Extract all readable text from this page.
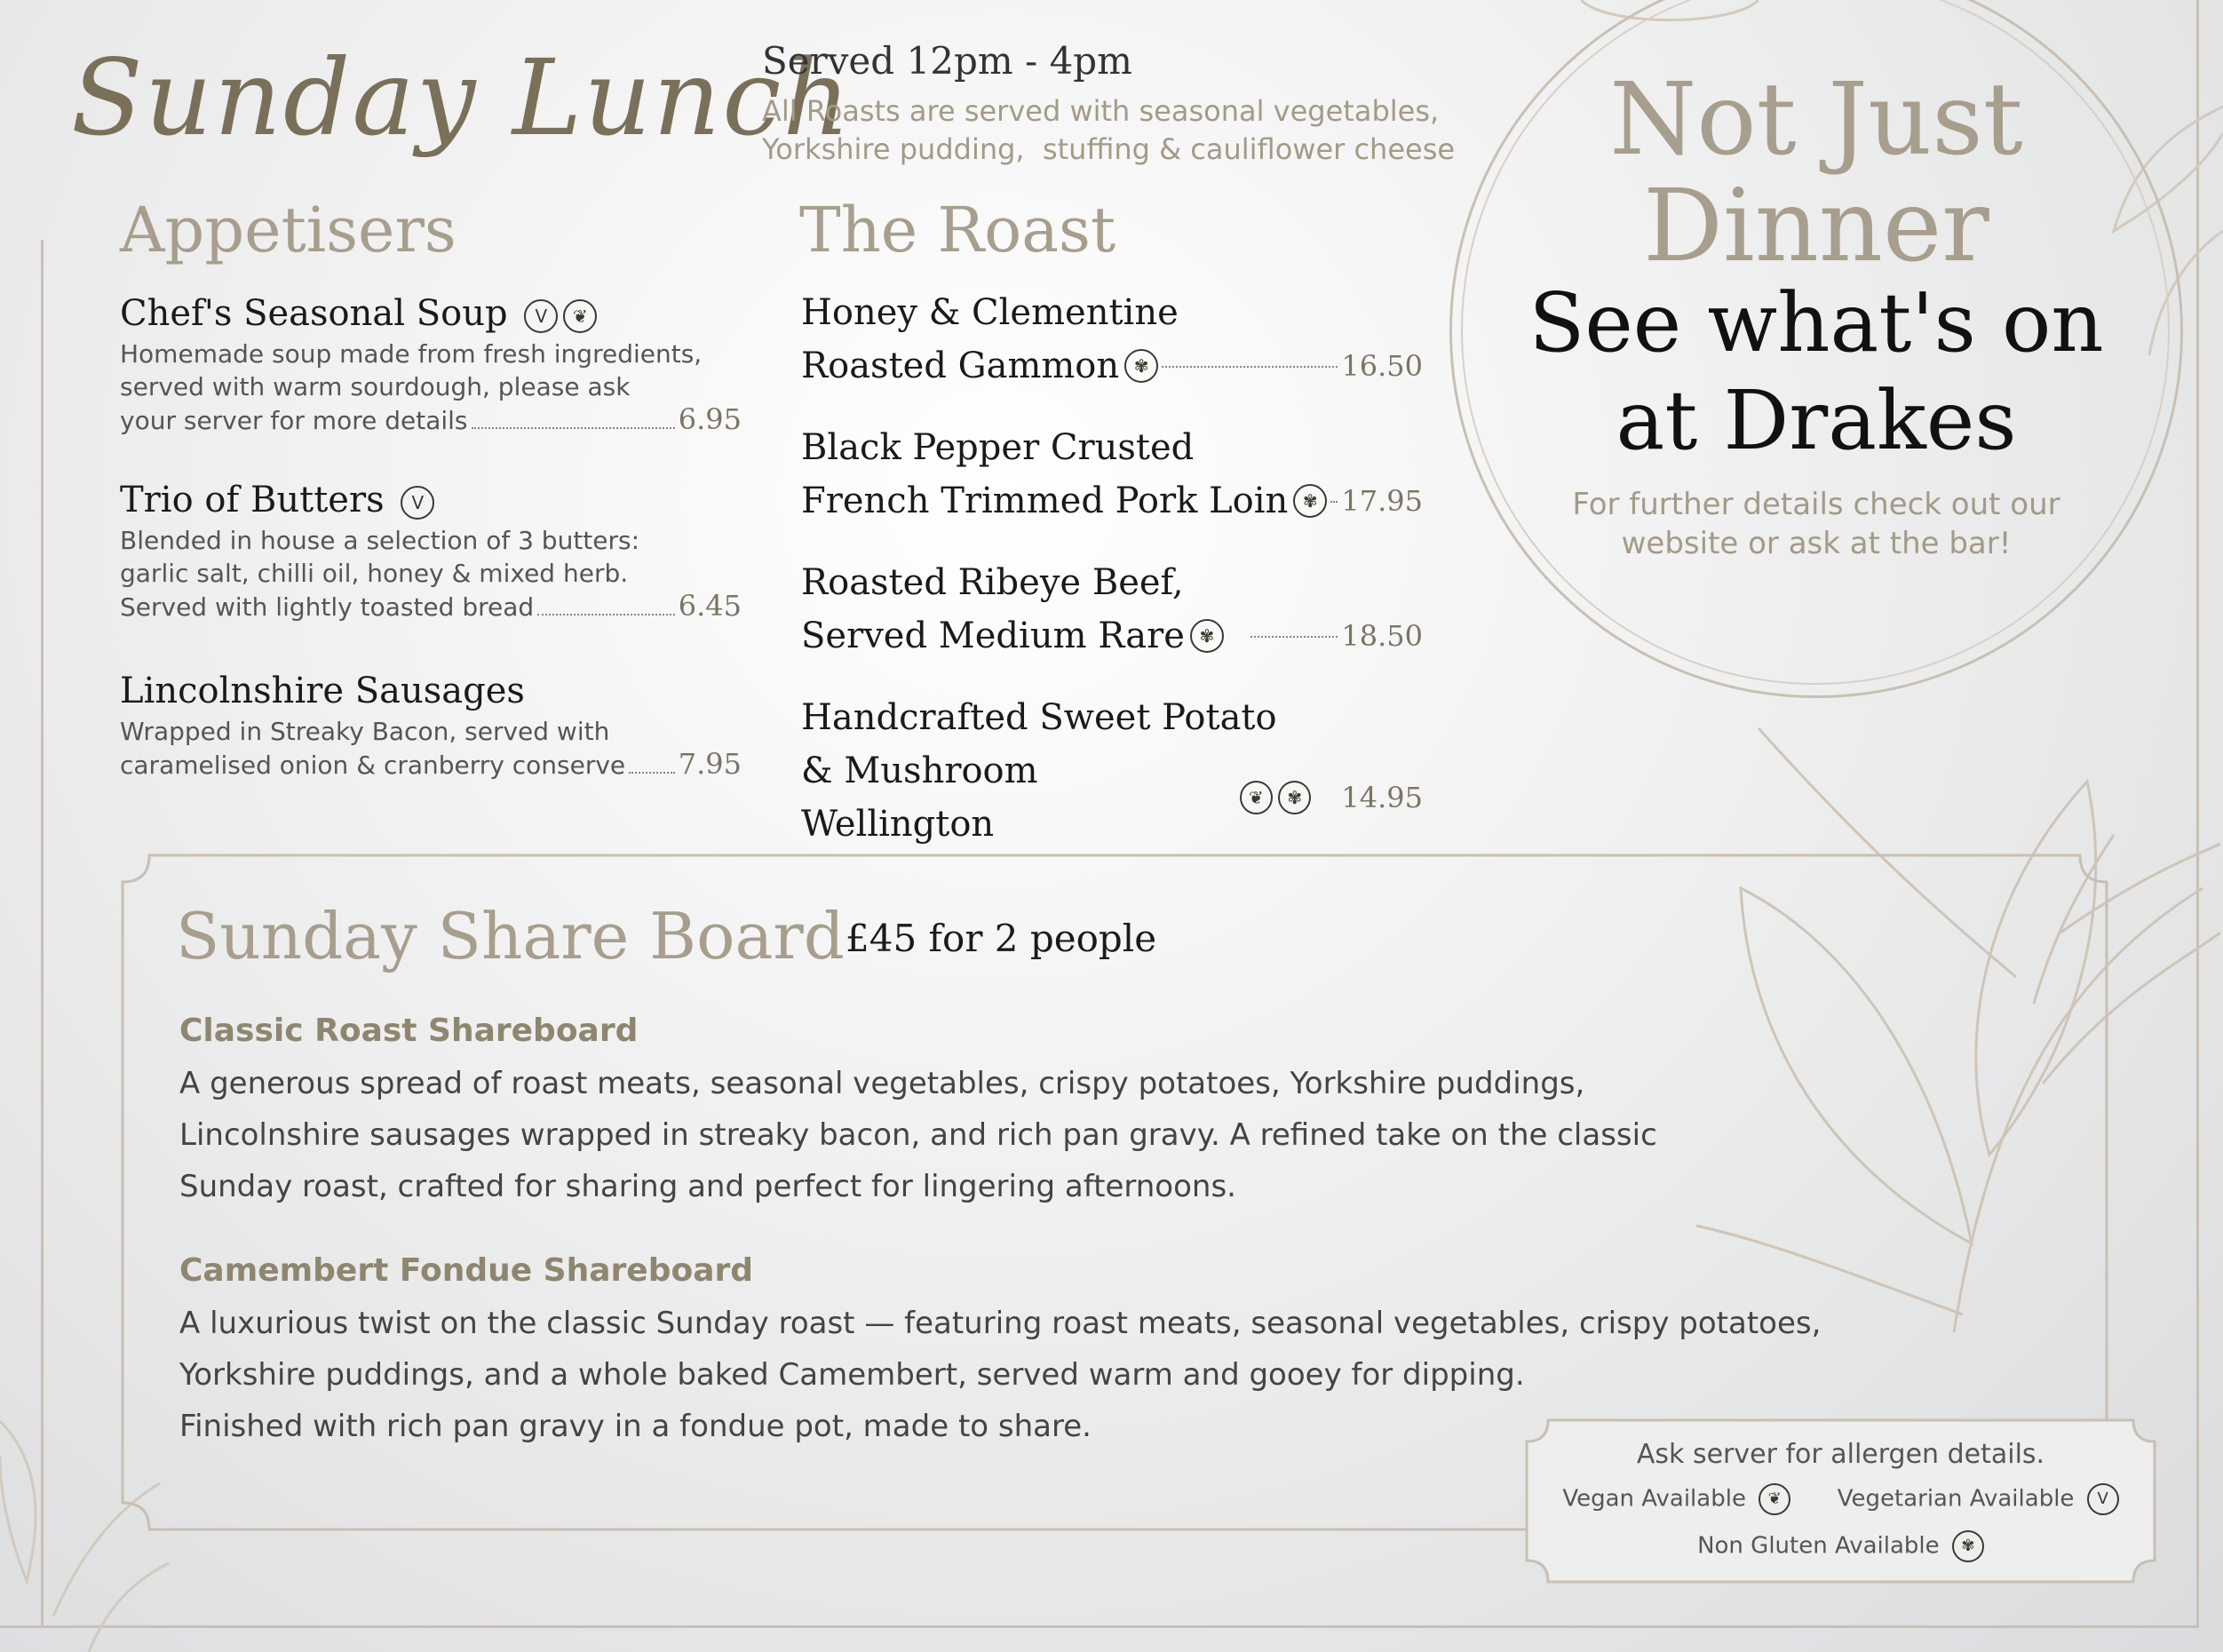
Sunday Lunch
Served 12pm - 4pm
All Roasts are served with seasonal vegetables,
Yorkshire pudding,  stuffing & cauliflower cheese	Not Just
Dinner
See what's on
at Drakes
For further details check out our
website or ask at the bar!
Appetisers
Chef's Seasonal Soup V ❦
Homemade soup made from fresh ingredients,
served with warm sourdough, please ask
your server for more details	6.95
Trio of Butters V
Blended in house a selection of 3 butters:
garlic salt, chilli oil, honey & mixed herb.
Served with lightly toasted bread	6.45
Lincolnshire Sausages
Wrapped in Streaky Bacon, served with
caramelised onion & cranberry conserve 7.95
The Roast
Honey & Clementine
Roasted Gammon ✾	16.50
Black Pepper Crusted
French Trimmed Pork Loin ✾ 17.95
Roasted Ribeye Beef,
Served Medium Rare ✾	18.50
Handcrafted Sweet Potato
& Mushroom Wellington
❦	✾	14.95
Sunday Share Board £45 for 2 people
Classic Roast Shareboard
A generous spread of roast meats, seasonal vegetables, crispy potatoes, Yorkshire puddings,
Lincolnshire sausages wrapped in streaky bacon, and rich pan gravy. A refined take on the classic
Sunday roast, crafted for sharing and perfect for lingering afternoons.
Camembert Fondue Shareboard
A luxurious twist on the classic Sunday roast — featuring roast meats, seasonal vegetables, crispy potatoes,
Yorkshire puddings, and a whole baked Camembert, served warm and gooey for dipping.
Finished with rich pan gravy in a fondue pot, made to share.
Ask server for allergen details.
Vegan Available ❦ Vegetarian Available V
Non Gluten Available ✾
